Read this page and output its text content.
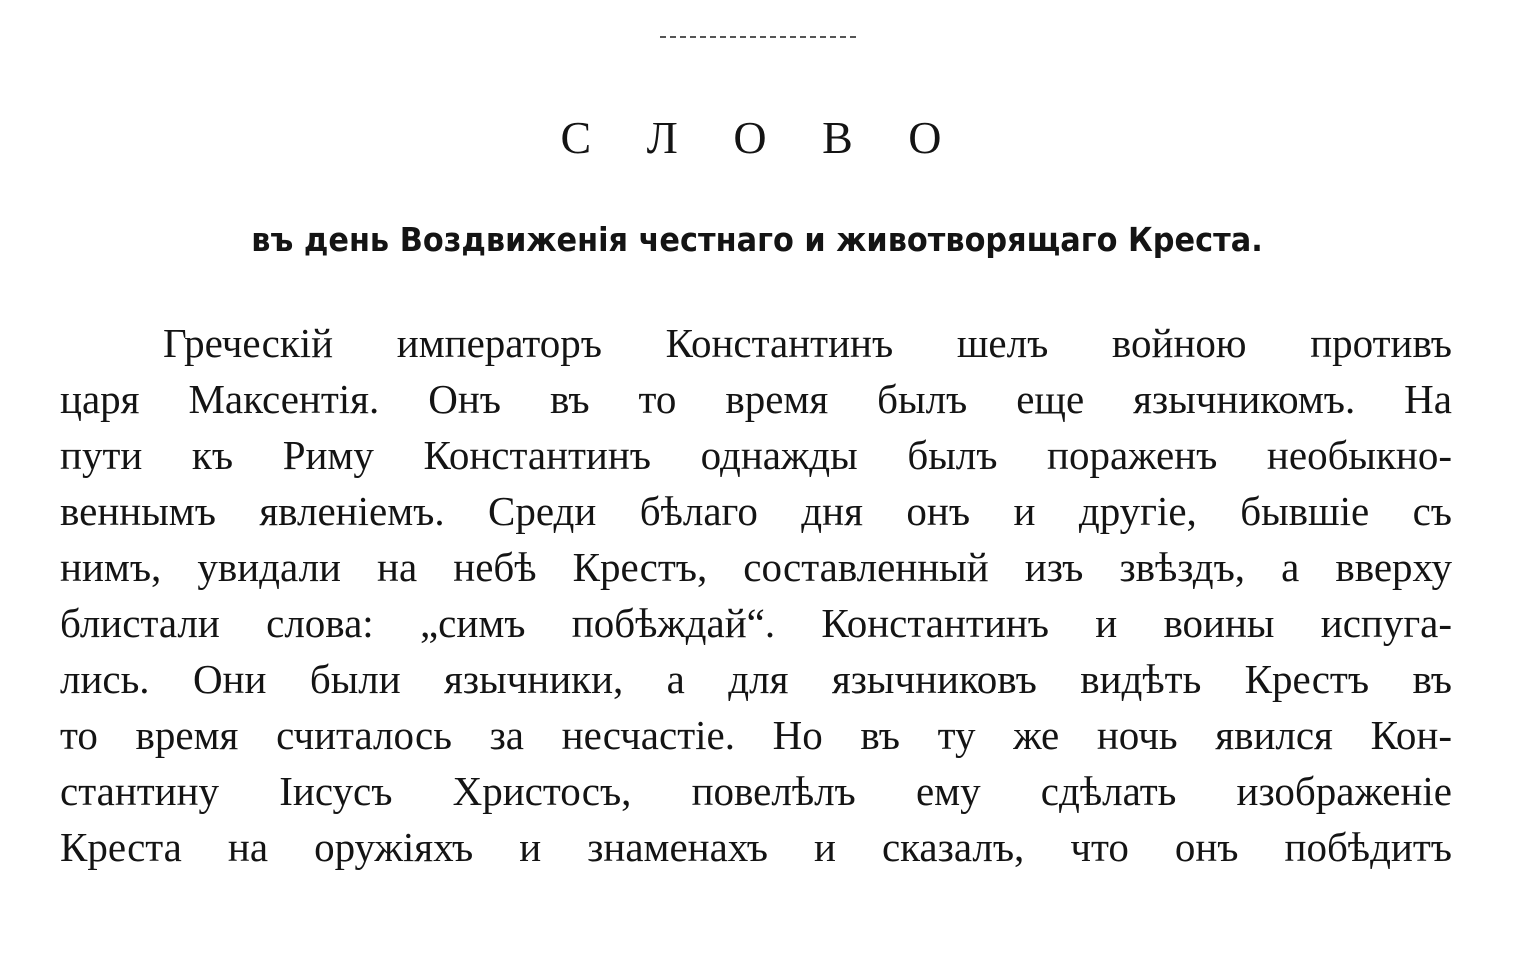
С Л О В О
въ день Воздвиженія честнаго и животворящаго Креста.
Греческій императоръ Константинъ шелъ войною противъ
царя Максентія. Онъ въ то время былъ еще язычникомъ. На
пути къ Риму Константинъ однажды былъ пораженъ необыкно-
веннымъ явленіемъ. Среди бѣлаго дня онъ и другіе, бывшіе съ
нимъ, увидали на небѣ Крестъ, составленный изъ звѣздъ, а вверху
блистали слова: „симъ побѣждай“. Константинъ и воины испуга-
лись. Они были язычники, а для язычниковъ видѣть Крестъ въ
то время считалось за несчастіе. Но въ ту же ночь явился Кон-
стантину Іисусъ Христосъ, повелѣлъ ему сдѣлать изображеніе
Креста на оружіяхъ и знаменахъ и сказалъ, что онъ побѣдитъ
